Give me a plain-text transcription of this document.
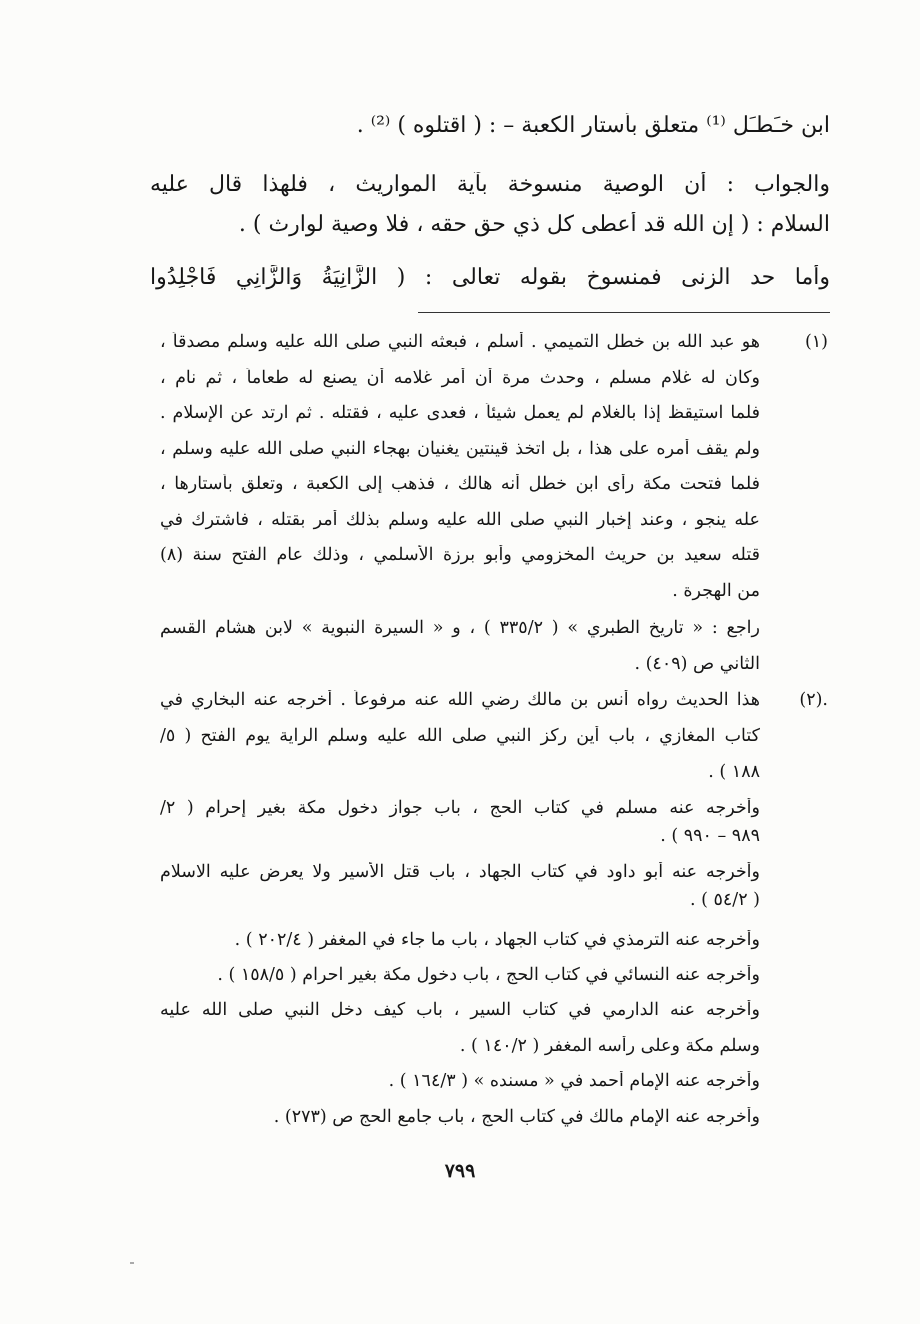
ابن خـَطـَل ⁽¹⁾ متعلق بأستار الكعبة – : ( اقتلوه ) ⁽²⁾ .
والجواب : أن الوصية منسوخة بآية المواريث ، فلهذا قال عليه
السلام : ( إن الله قد أعطى كل ذي حق حقه ، فلا وصية لوارث ) .
وأما حد الزنى فمنسوخ بقوله تعالى : ( الزَّانِيَةُ وَالزَّانِي فَاجْلِدُوا
(١)
هو عبد الله بن خطل التميمي . أسلم ، فبعثه النبي صلى الله عليه وسلم مصدقاً ،
وكان له غلام مسلم ، وحدث مرة أن أمر غلامه أن يصنع له طعاماً ، ثم نام ،
فلما استيقظ إذا بالغلام لم يعمل شيئاً ، فعدى عليه ، فقتله . ثم ارتد عن الإسلام .
ولم يقف أمره على هذا ، بل اتخذ قينتين يغنيان بهجاء النبي صلى الله عليه وسلم ،
فلما فتحت مكة رأى ابن خطل أنه هالك ، فذهب إلى الكعبة ، وتعلق بأستارها ،
عله ينجو ، وعند إخبار النبي صلى الله عليه وسلم بذلك أمر بقتله ، فاشترك في
قتله سعيد بن حريث المخزومي وأبو برزة الأسلمي ، وذلك عام الفتح سنة (٨)
من الهجرة .
راجع : « تاريخ الطبري » ( ٣٣٥/٢ ) ، و « السيرة النبوية » لابن هشام القسم
الثاني ص (٤٠٩) .
.(٢)
هذا الحديث رواه أنس بن مالك رضي الله عنه مرفوعاً . أخرجه عنه البخاري في
كتاب المغازي ، باب أين ركز النبي صلى الله عليه وسلم الراية يوم الفتح ( ٥/
١٨٨ ) .
وأخرجه عنه مسلم في كتاب الحج ، باب جواز دخول مكة بغير إحرام ( ٢/
٩٨٩ – ٩٩٠ ) .
وأخرجه عنه أبو داود في كتاب الجهاد ، باب قتل الأسير ولا يعرض عليه الاسلام
( ٥٤/٢ ) .
وأخرجه عنه الترمذي في كتاب الجهاد ، باب ما جاء في المغفر ( ٢٠٢/٤ ) .
وأخرجه عنه النسائي في كتاب الحج ، باب دخول مكة بغير احرام ( ١٥٨/٥ ) .
وأخرجه عنه الدارمي في كتاب السير ، باب كيف دخل النبي صلى الله عليه
وسلم مكة وعلى رأسه المغفر ( ١٤٠/٢ ) .
وأخرجه عنه الإمام أحمد في « مسنده » ( ١٦٤/٣ ) .
وأخرجه عنه الإمام مالك في كتاب الحج ، باب جامع الحج ص (٢٧٣) .
٧٩٩
